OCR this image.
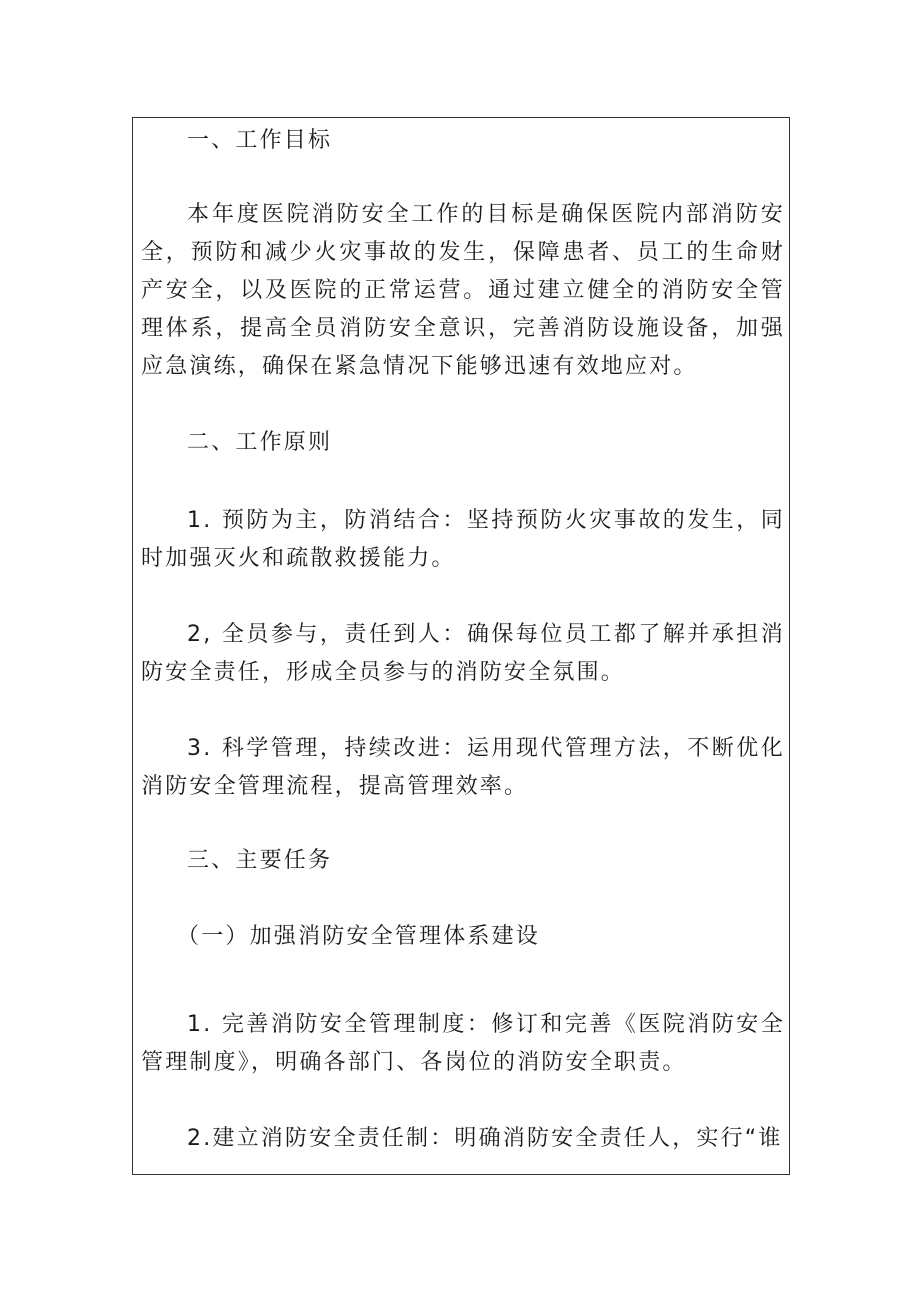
一、工作目标

本年度医院消防安全工作的目标是确保医院内部消防安全，预防和减少火灾事故的发生，保障患者、员工的生命财产安全，以及医院的正常运营。通过建立健全的消防安全管理体系，提高全员消防安全意识，完善消防设施设备，加强应急演练，确保在紧急情况下能够迅速有效地应对。

二、工作原则

1. 预防为主，防消结合：坚持预防火灾事故的发生，同时加强灭火和疏散救援能力。

2, 全员参与，责任到人：确保每位员工都了解并承担消防安全责任，形成全员参与的消防安全氛围。

3. 科学管理，持续改进：运用现代管理方法，不断优化消防安全管理流程，提高管理效率。

三、主要任务

（一）加强消防安全管理体系建设

1. 完善消防安全管理制度：修订和完善《医院消防安全管理制度》，明确各部门、各岗位的消防安全职责。

2.建立消防安全责任制：明确消防安全责任人，实行“谁
